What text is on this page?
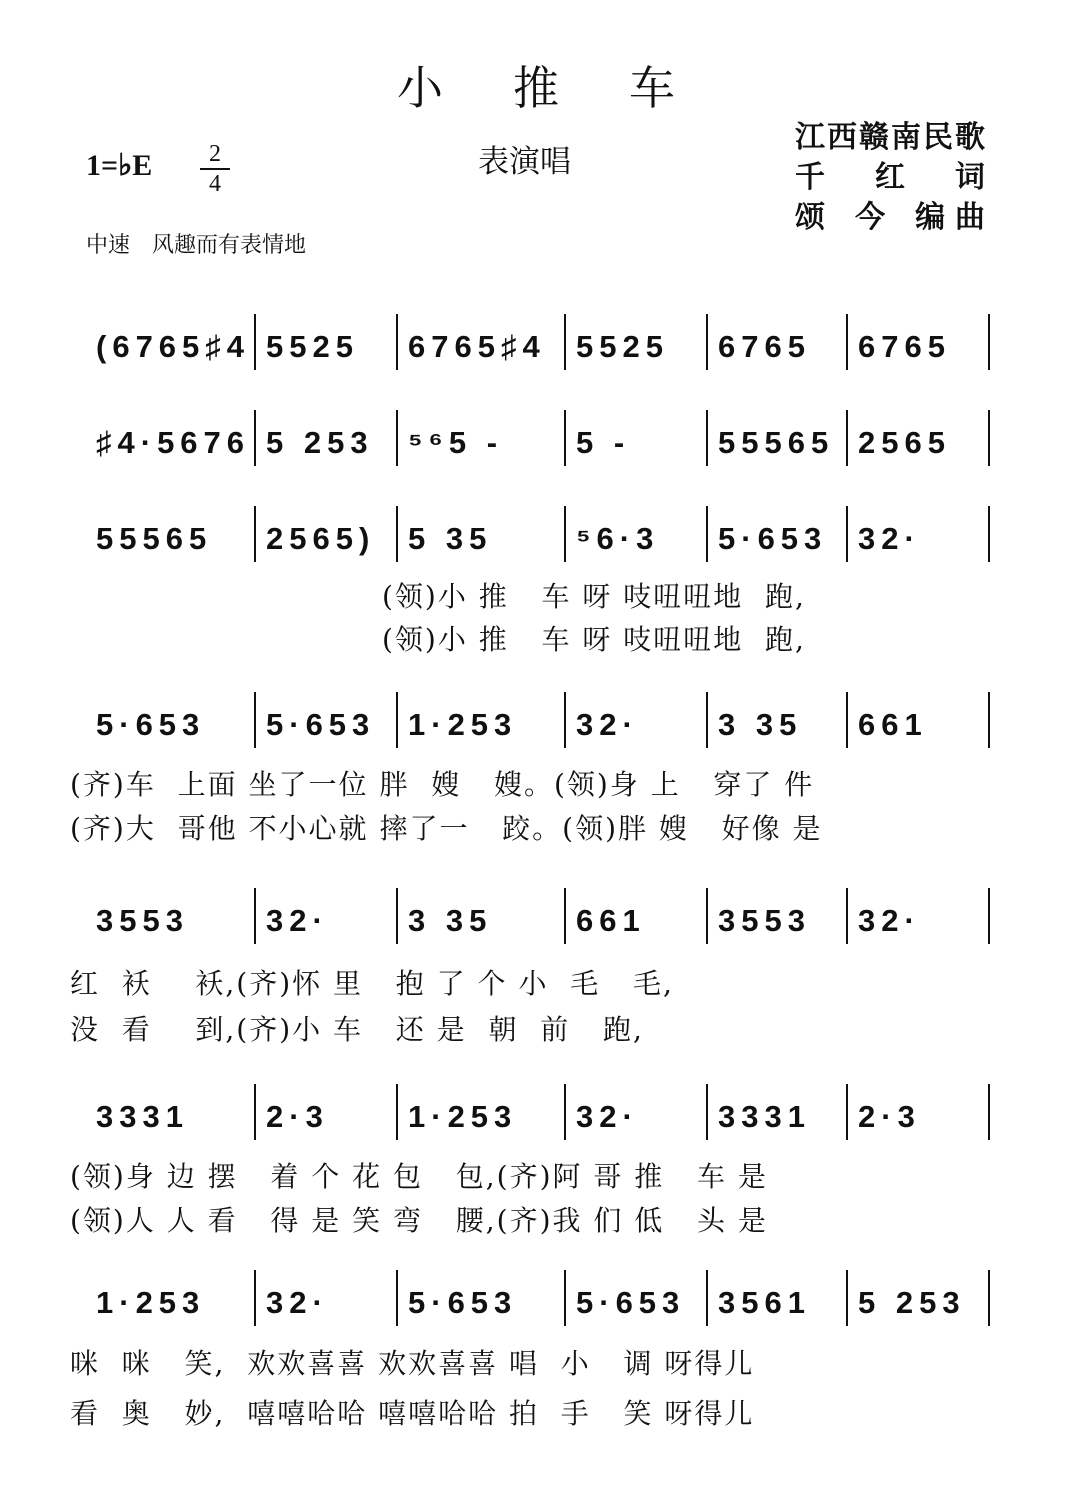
小推车
表演唱
1=♭E	2
4
江西赣南民歌
千 红 词
颂 今 编曲
中速　风趣而有表情地
(6765♯4 5525 6765♯4 5525 6765 6765
♯4·5676 5 253 ⁵⁶5 - 5 -	55565 2565
55565 2565) 5 35	⁵6·3 5·653 32·
(领)小 推   车 呀 吱吜吜地  跑,
(领)小 推   车 呀 吱吜吜地  跑,
5·653 5·653 1·253 32·	3 35 661
(齐)车  上面 坐了一位 胖  嫂   嫂。(领)身 上   穿了 件
(齐)大  哥他 不小心就 摔了一   跤。(领)胖 嫂   好像 是
3553 32·	3 35	661 3553 32·
红  袄    袄,(齐)怀 里   抱 了 个 小  毛   毛,
没  看    到,(齐)小 车   还 是  朝  前   跑,
3331 2·3	1·253 32·	3331 2·3
(领)身 边 摆   着 个 花 包   包,(齐)阿 哥 推   车 是
(领)人 人 看   得 是 笑 弯   腰,(齐)我 们 低   头 是
1·253 32·	5·653 5·653 3561 5 253
咪  咪   笑,  欢欢喜喜 欢欢喜喜 唱  小   调 呀得儿
看  奥   妙,  嘻嘻哈哈 嘻嘻哈哈 拍  手   笑 呀得儿
